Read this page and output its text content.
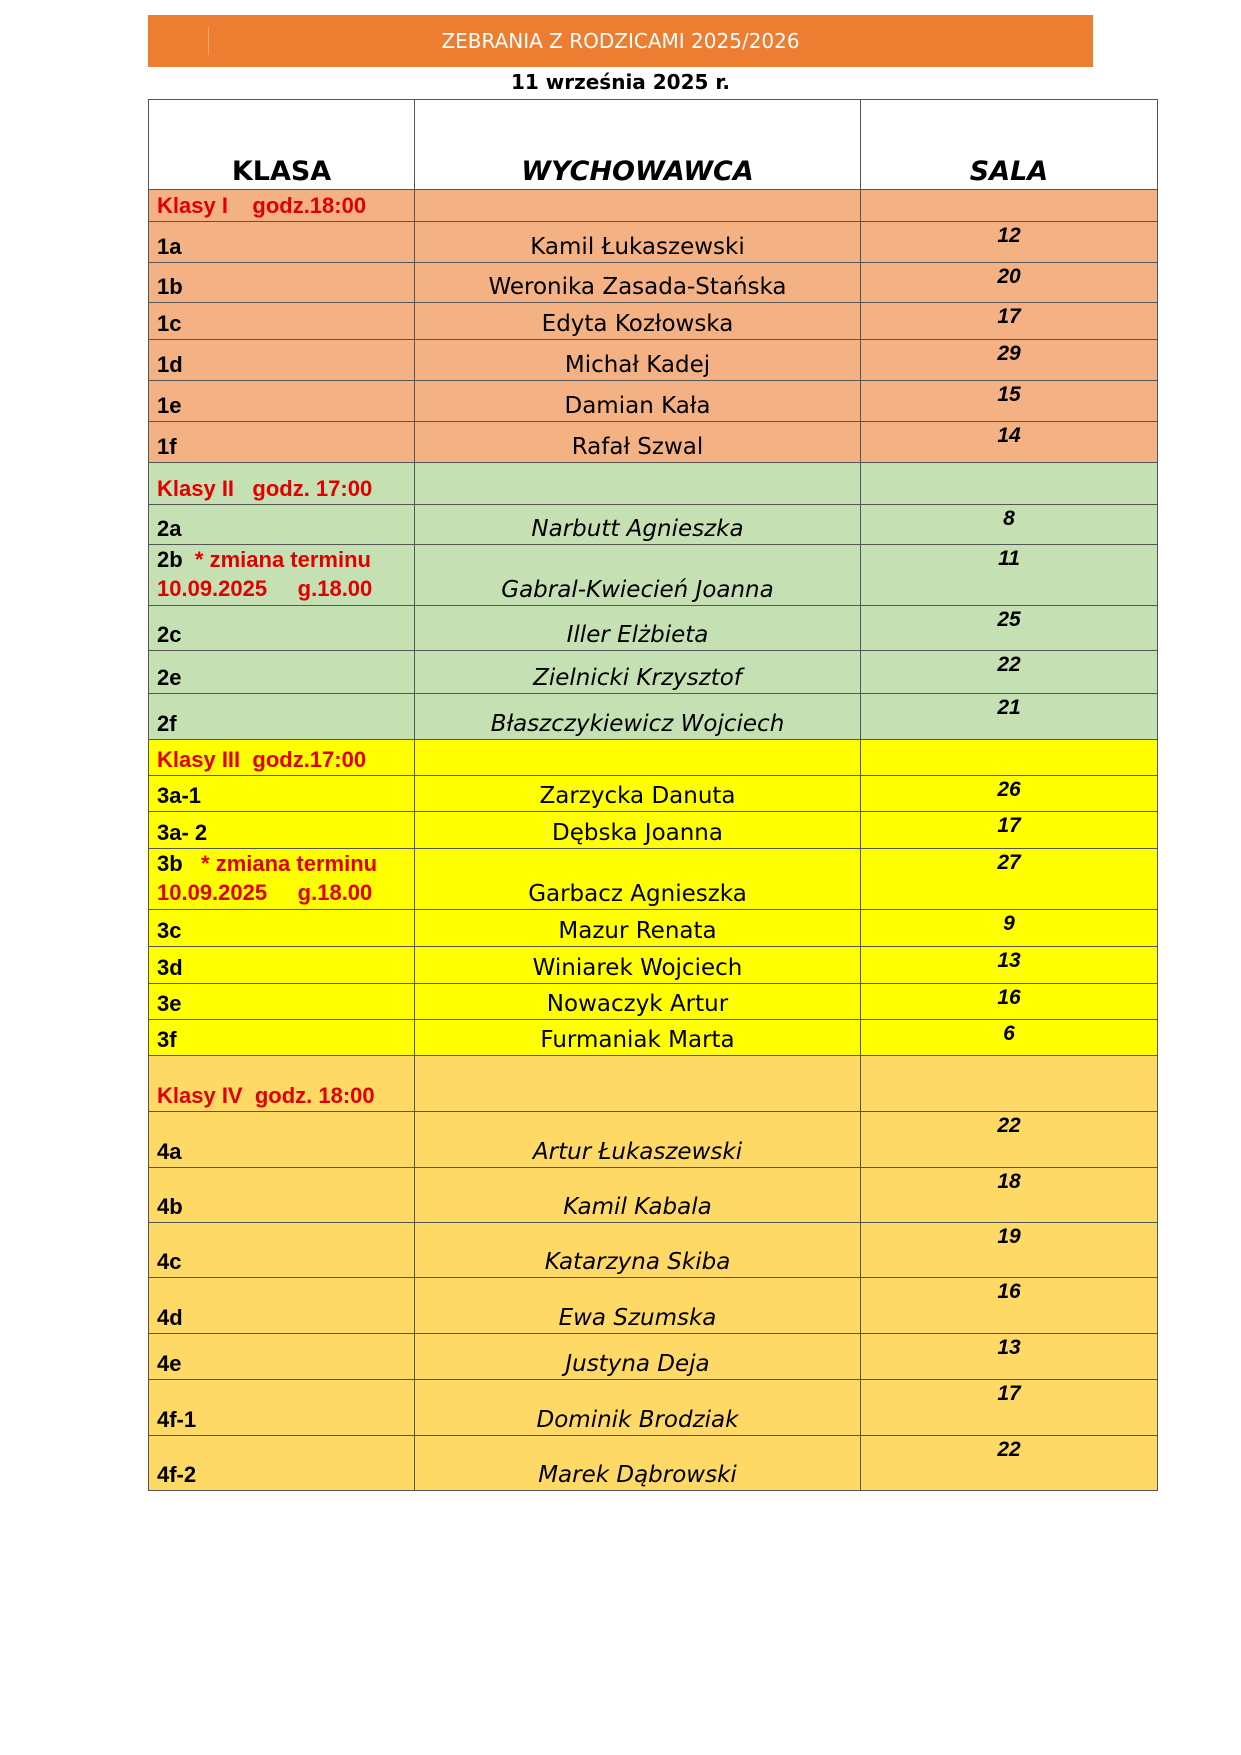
ZEBRANIA Z RODZICAMI 2025/2026
11 września 2025 r.
KLASA	WYCHOWAWCA	SALA
Klasy I    godz.18:00		
1a	Kamil Łukaszewski	12
1b	Weronika Zasada-Stańska	20
1c	Edyta Kozłowska	17
1d	Michał Kadej	29
1e	Damian Kała	15
1f	Rafał Szwal	14
Klasy II   godz. 17:00		
2a	Narbutt Agnieszka	8
2b * zmiana terminu
10.09.2025     g.18.00	Gabral-Kwiecień Joanna	11
2c	Iller Elżbieta	25
2e	Zielnicki Krzysztof	22
2f	Błaszczykiewicz Wojciech	21
Klasy III  godz.17:00		
3a-1	Zarzycka Danuta	26
3a- 2	Dębska Joanna	17
3b * zmiana terminu
10.09.2025     g.18.00	Garbacz Agnieszka	27
3c	Mazur Renata	9
3d	Winiarek Wojciech	13
3e	Nowaczyk Artur	16
3f	Furmaniak Marta	6
Klasy IV  godz. 18:00		
4a	Artur Łukaszewski	22
4b	Kamil Kabala	18
4c	Katarzyna Skiba	19
4d	Ewa Szumska	16
4e	Justyna Deja	13
4f-1	Dominik Brodziak	17
4f-2	Marek Dąbrowski	22
